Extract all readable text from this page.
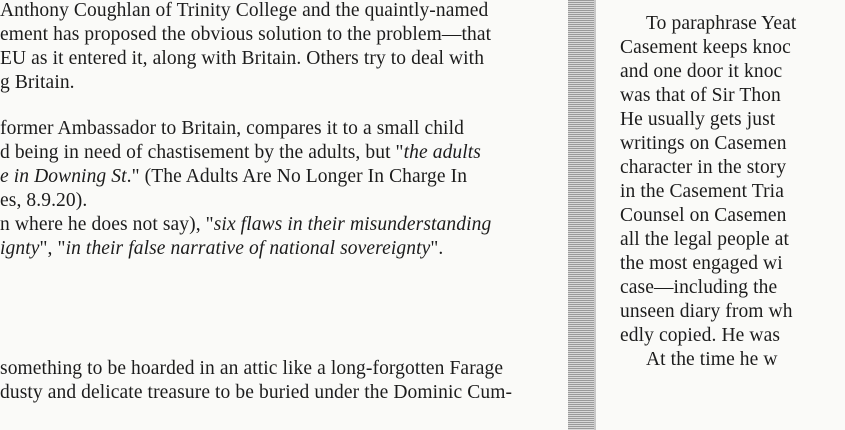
Anthony Coughlan of Trinity College and the quaintly-named
ement has proposed the obvious solution to the problem—that
EU as it entered it, along with Britain. Others try to deal with
g Britain.
former Ambassador to Britain, compares it to a small child
d being in need of chastisement by the adults, but "the adults
e in Downing St." (The Adults Are No Longer In Charge In
es, 8.9.20).
n where he does not say), "six flaws in their misunderstanding
ignty", "in their false narrative of national sovereignty".
something to be hoarded in an attic like a long-forgotten Farage
dusty and delicate treasure to be buried under the Dominic Cum-
To paraphrase Yeat
Casement keeps knoc
and one door it knoc
was that of Sir Thon
He usually gets just
writings on Casemen
character in the story
in the Casement Tria
Counsel on Casemen
all the legal people at
the most engaged wi
case—including the
unseen diary from wh
edly copied. He was
At the time he w
